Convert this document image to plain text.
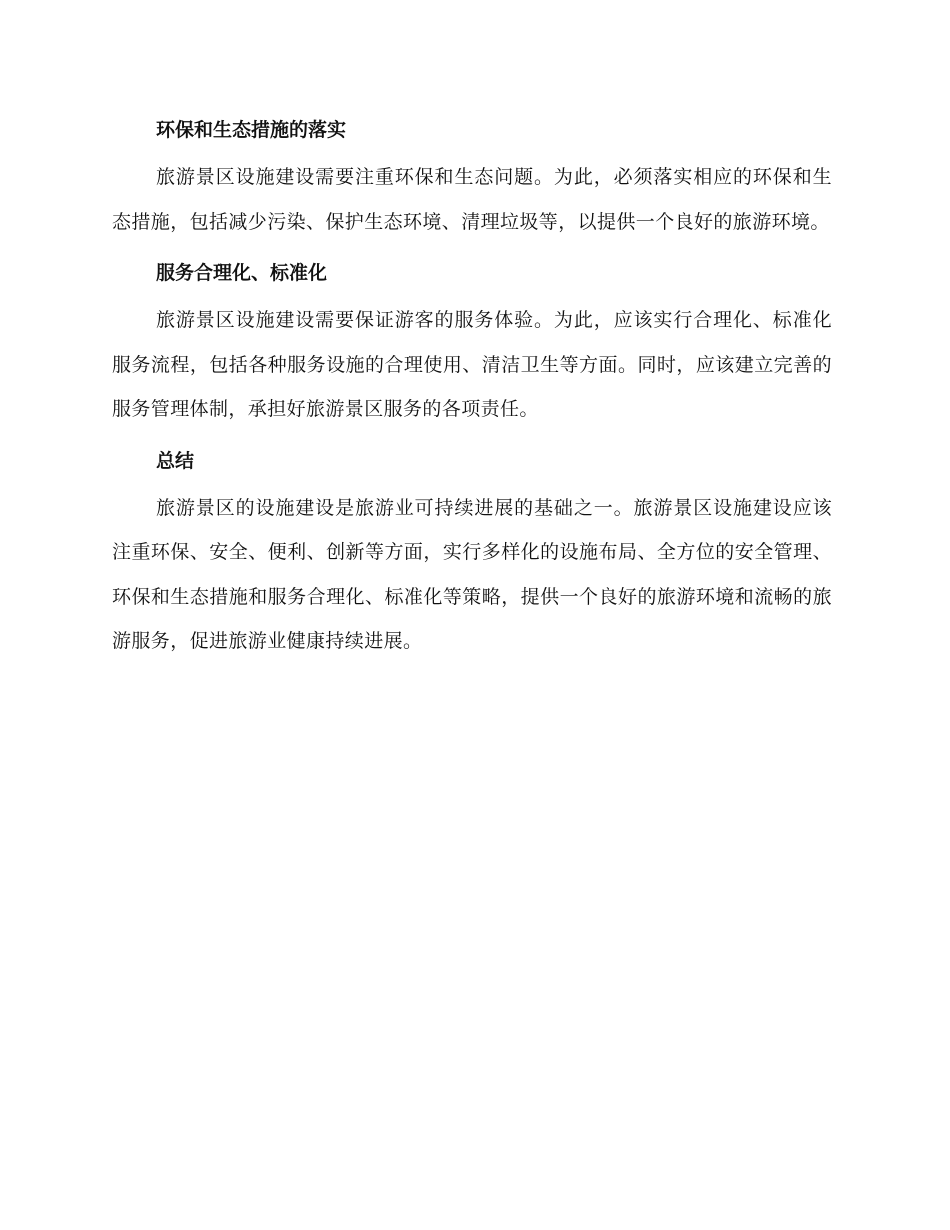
环保和生态措施的落实

旅游景区设施建设需要注重环保和生态问题。为此，必须落实相应的环保和生态措施，包括减少污染、保护生态环境、清理垃圾等，以提供一个良好的旅游环境。

服务合理化、标准化

旅游景区设施建设需要保证游客的服务体验。为此，应该实行合理化、标准化服务流程，包括各种服务设施的合理使用、清洁卫生等方面。同时，应该建立完善的服务管理体制，承担好旅游景区服务的各项责任。

总结

旅游景区的设施建设是旅游业可持续进展的基础之一。旅游景区设施建设应该注重环保、安全、便利、创新等方面，实行多样化的设施布局、全方位的安全管理、环保和生态措施和服务合理化、标准化等策略，提供一个良好的旅游环境和流畅的旅游服务，促进旅游业健康持续进展。
